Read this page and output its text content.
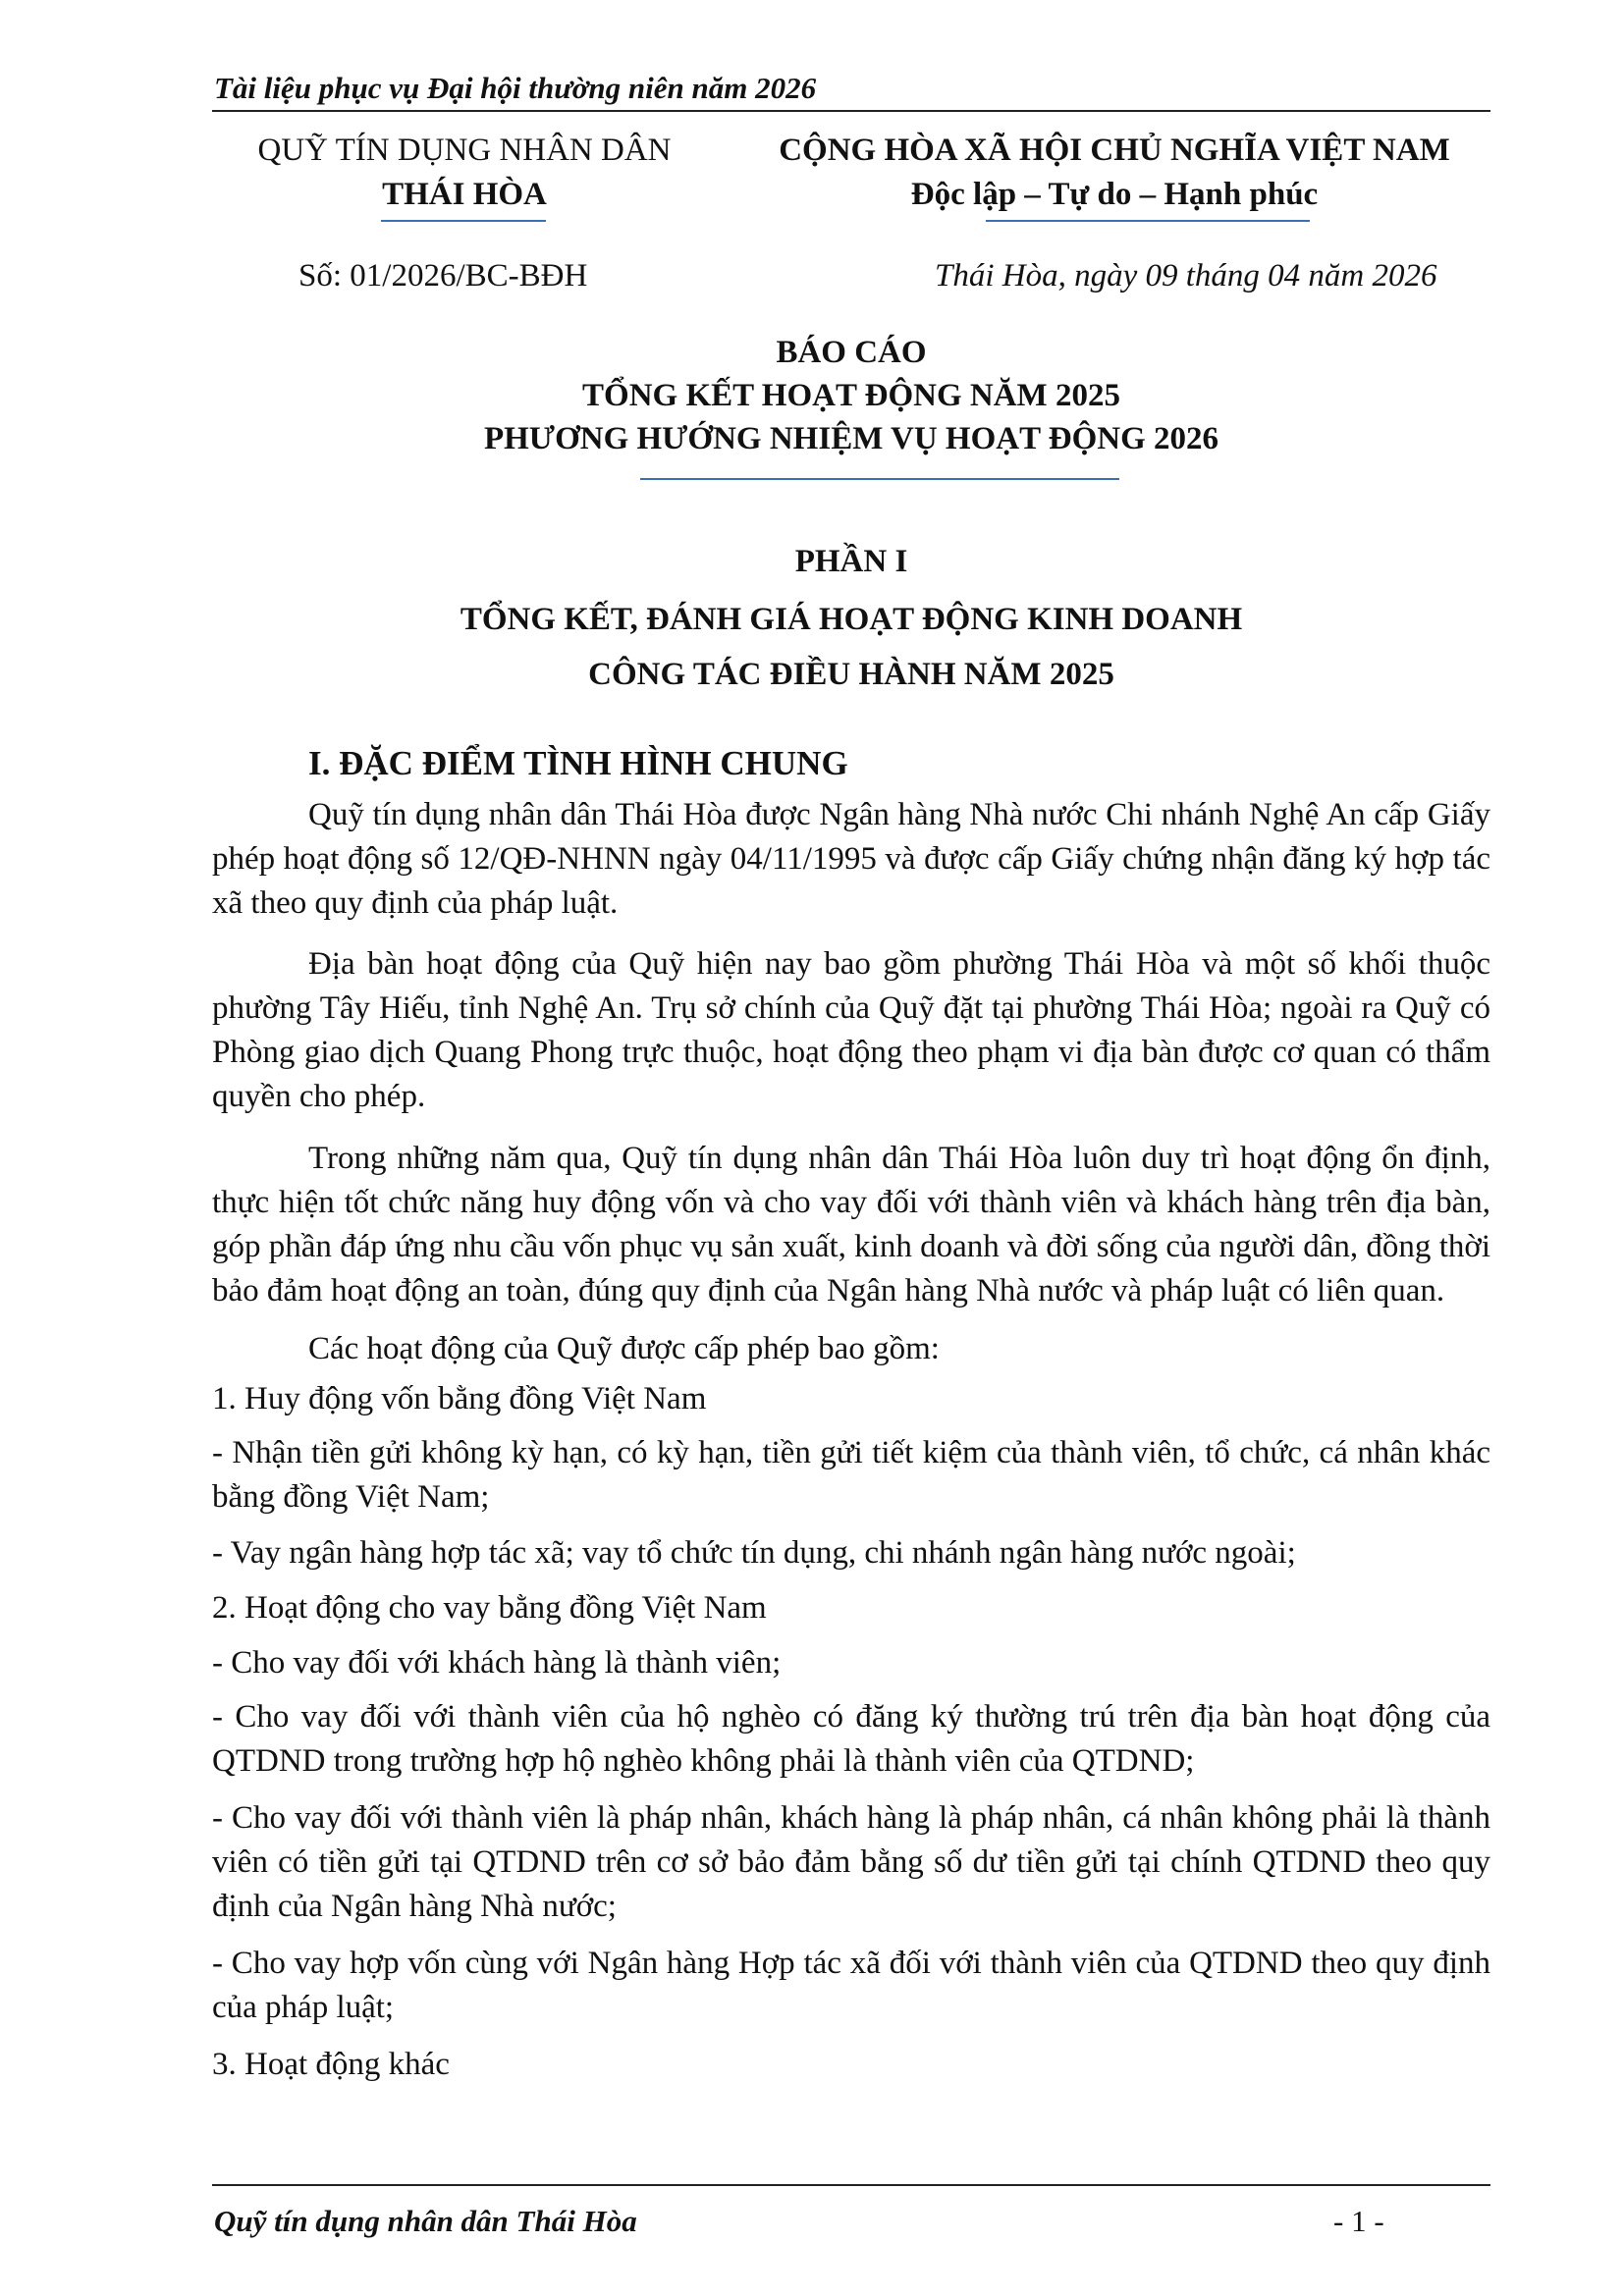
Tài liệu phục vụ Đại hội thường niên năm 2026
QUỸ TÍN DỤNG NHÂN DÂN
THÁI HÒA
CỘNG HÒA XÃ HỘI CHỦ NGHĨA VIỆT NAM
Độc lập – Tự do – Hạnh phúc
Số: 01/2026/BC-BĐH	Thái Hòa, ngày 09 tháng 04 năm 2026
BÁO CÁO
TỔNG KẾT HOẠT ĐỘNG NĂM 2025
PHƯƠNG HƯỚNG NHIỆM VỤ HOẠT ĐỘNG 2026
PHẦN I
TỔNG KẾT, ĐÁNH GIÁ HOẠT ĐỘNG KINH DOANH
CÔNG TÁC ĐIỀU HÀNH NĂM 2025
I. ĐẶC ĐIỂM TÌNH HÌNH CHUNG
Quỹ tín dụng nhân dân Thái Hòa được Ngân hàng Nhà nước Chi nhánh Nghệ An cấp Giấy phép hoạt động số 12/QĐ-NHNN ngày 04/11/1995 và được cấp Giấy chứng nhận đăng ký hợp tác xã theo quy định của pháp luật.
Địa bàn hoạt động của Quỹ hiện nay bao gồm phường Thái Hòa và một số khối thuộc phường Tây Hiếu, tỉnh Nghệ An. Trụ sở chính của Quỹ đặt tại phường Thái Hòa; ngoài ra Quỹ có Phòng giao dịch Quang Phong trực thuộc, hoạt động theo phạm vi địa bàn được cơ quan có thẩm quyền cho phép.
Trong những năm qua, Quỹ tín dụng nhân dân Thái Hòa luôn duy trì hoạt động ổn định, thực hiện tốt chức năng huy động vốn và cho vay đối với thành viên và khách hàng trên địa bàn, góp phần đáp ứng nhu cầu vốn phục vụ sản xuất, kinh doanh và đời sống của người dân, đồng thời bảo đảm hoạt động an toàn, đúng quy định của Ngân hàng Nhà nước và pháp luật có liên quan.
Các hoạt động của Quỹ được cấp phép bao gồm:
1. Huy động vốn bằng đồng Việt Nam
- Nhận tiền gửi không kỳ hạn, có kỳ hạn, tiền gửi tiết kiệm của thành viên, tổ chức, cá nhân khác bằng đồng Việt Nam;
- Vay ngân hàng hợp tác xã; vay tổ chức tín dụng, chi nhánh ngân hàng nước ngoài;
2. Hoạt động cho vay bằng đồng Việt Nam
- Cho vay đối với khách hàng là thành viên;
- Cho vay đối với thành viên của hộ nghèo có đăng ký thường trú trên địa bàn hoạt động của QTDND trong trường hợp hộ nghèo không phải là thành viên của QTDND;
- Cho vay đối với thành viên là pháp nhân, khách hàng là pháp nhân, cá nhân không phải là thành viên có tiền gửi tại QTDND trên cơ sở bảo đảm bằng số dư tiền gửi tại chính QTDND theo quy định của Ngân hàng Nhà nước;
- Cho vay hợp vốn cùng với Ngân hàng Hợp tác xã đối với thành viên của QTDND theo quy định của pháp luật;
3. Hoạt động khác
Quỹ tín dụng nhân dân Thái Hòa	- 1 -
